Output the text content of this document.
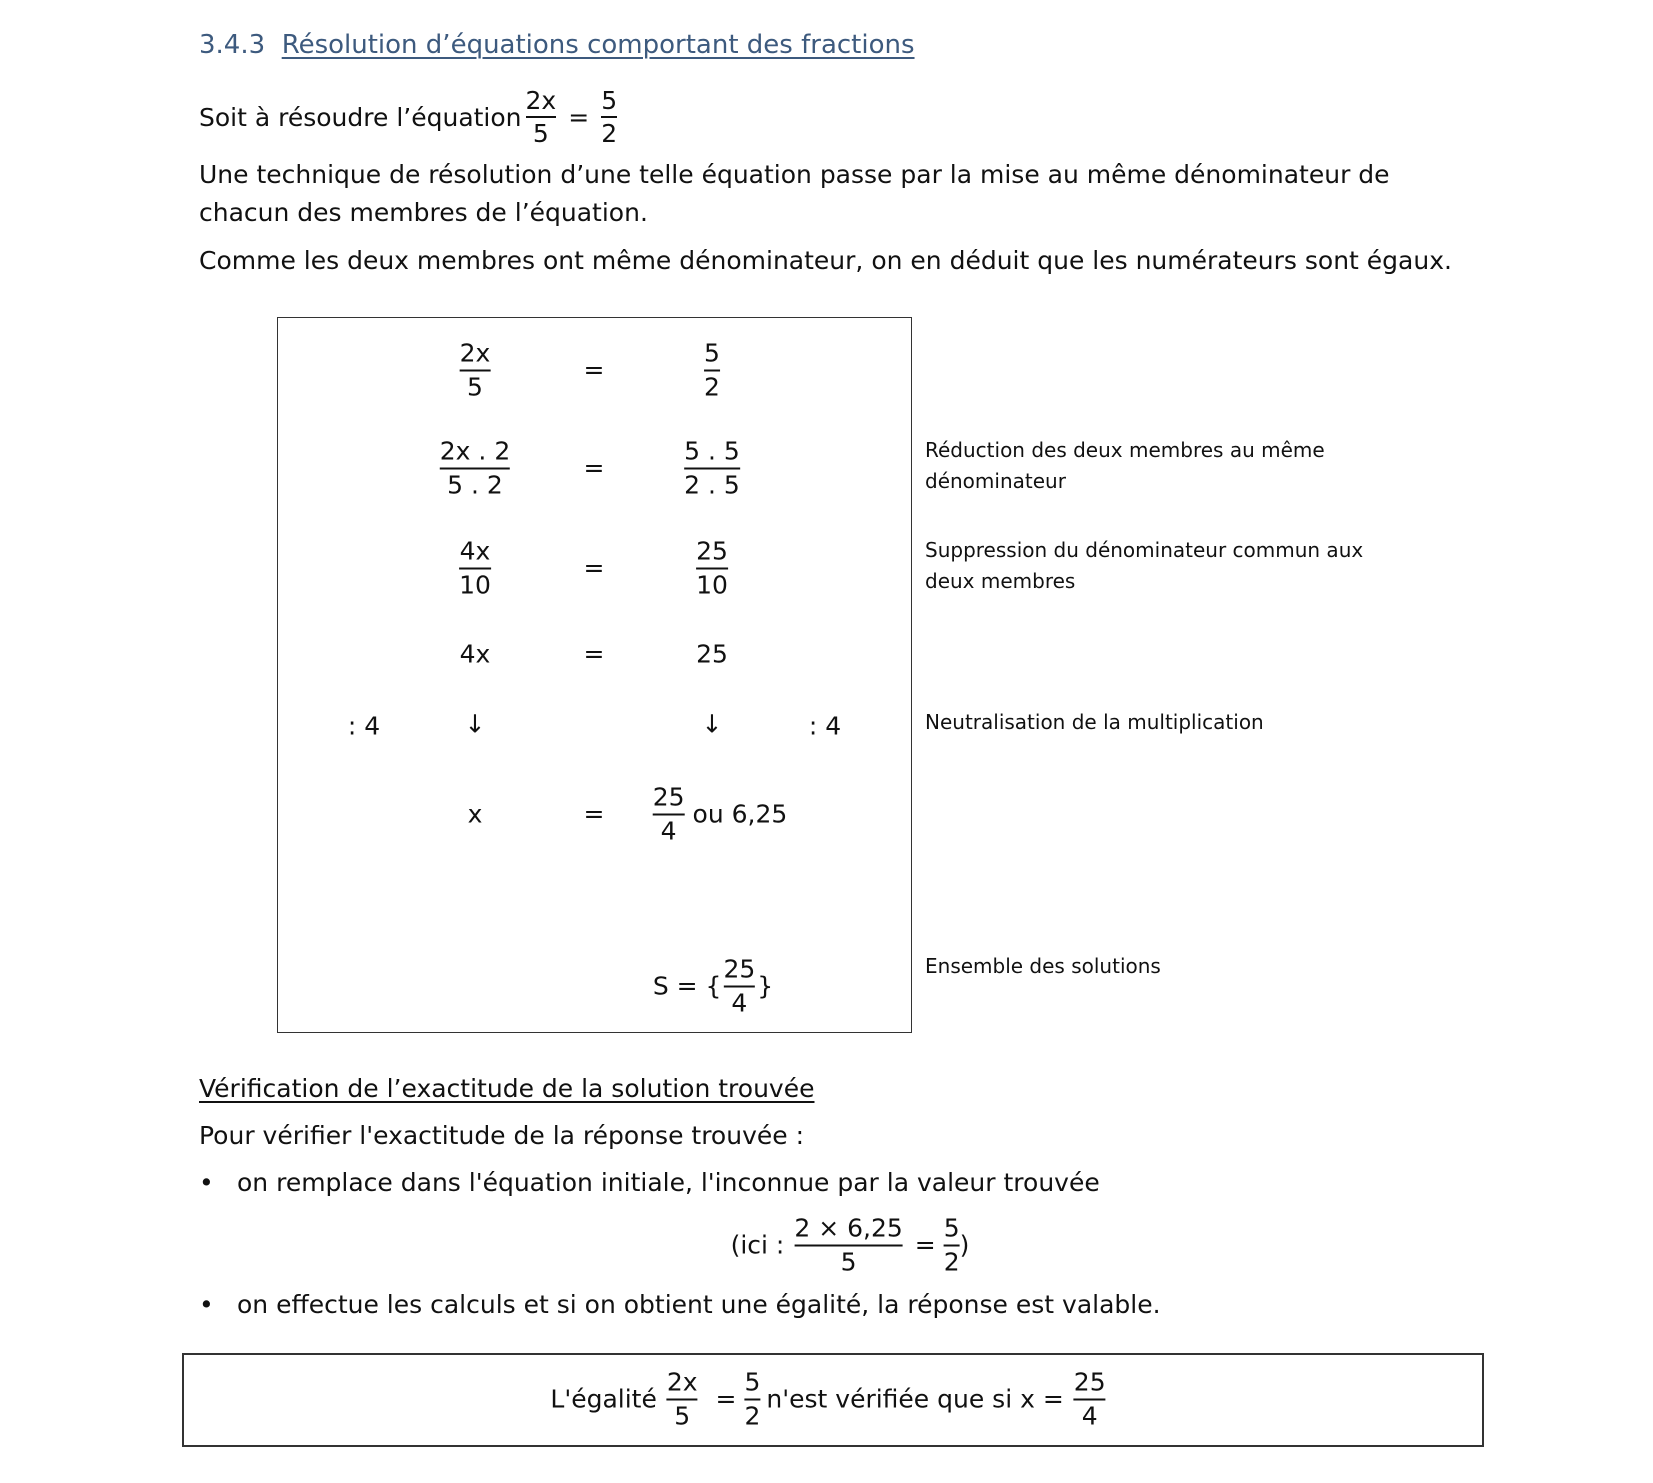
3.4.3 Résolution d’équations comportant des fractions
Soit à résoudre l’équation $\frac{2x}{5} = \frac{5}{2}$
Une technique de résolution d’une telle équation passe par la mise au même dénominateur de
chacun des membres de l’équation.
Comme les deux membres ont même dénominateur, on en déduit que les numérateurs sont égaux.
$\frac{2x}{5}$	=	$\frac{5}{2}$
$\frac{2x . 2}{5 . 2}$	=	$\frac{5 . 5}{2 . 5}$
$\frac{4x}{10}$	=	$\frac{25}{10}$
4x	=	25
: 4	↓	↓	: 4
x	= $\frac{25}{4}$ ou 6,25
S = { $\frac{25}{4}$ }
Réduction des deux membres au même
dénominateur
Suppression du dénominateur commun aux
deux membres
Neutralisation de la multiplication
Ensemble des solutions
Vérification de l’exactitude de la solution trouvée
Pour vérifier l'exactitude de la réponse trouvée :
• on remplace dans l'équation initiale, l'inconnue par la valeur trouvée
(ici : $\frac{2 \times 6,25}{5} = \frac{5}{2}$ )
• on effectue les calculs et si on obtient une égalité, la réponse est valable.
L'égalité $\frac{2x}{5} = \frac{5}{2} n'est$ vérifiée que si $x = \frac{25}{4}$
